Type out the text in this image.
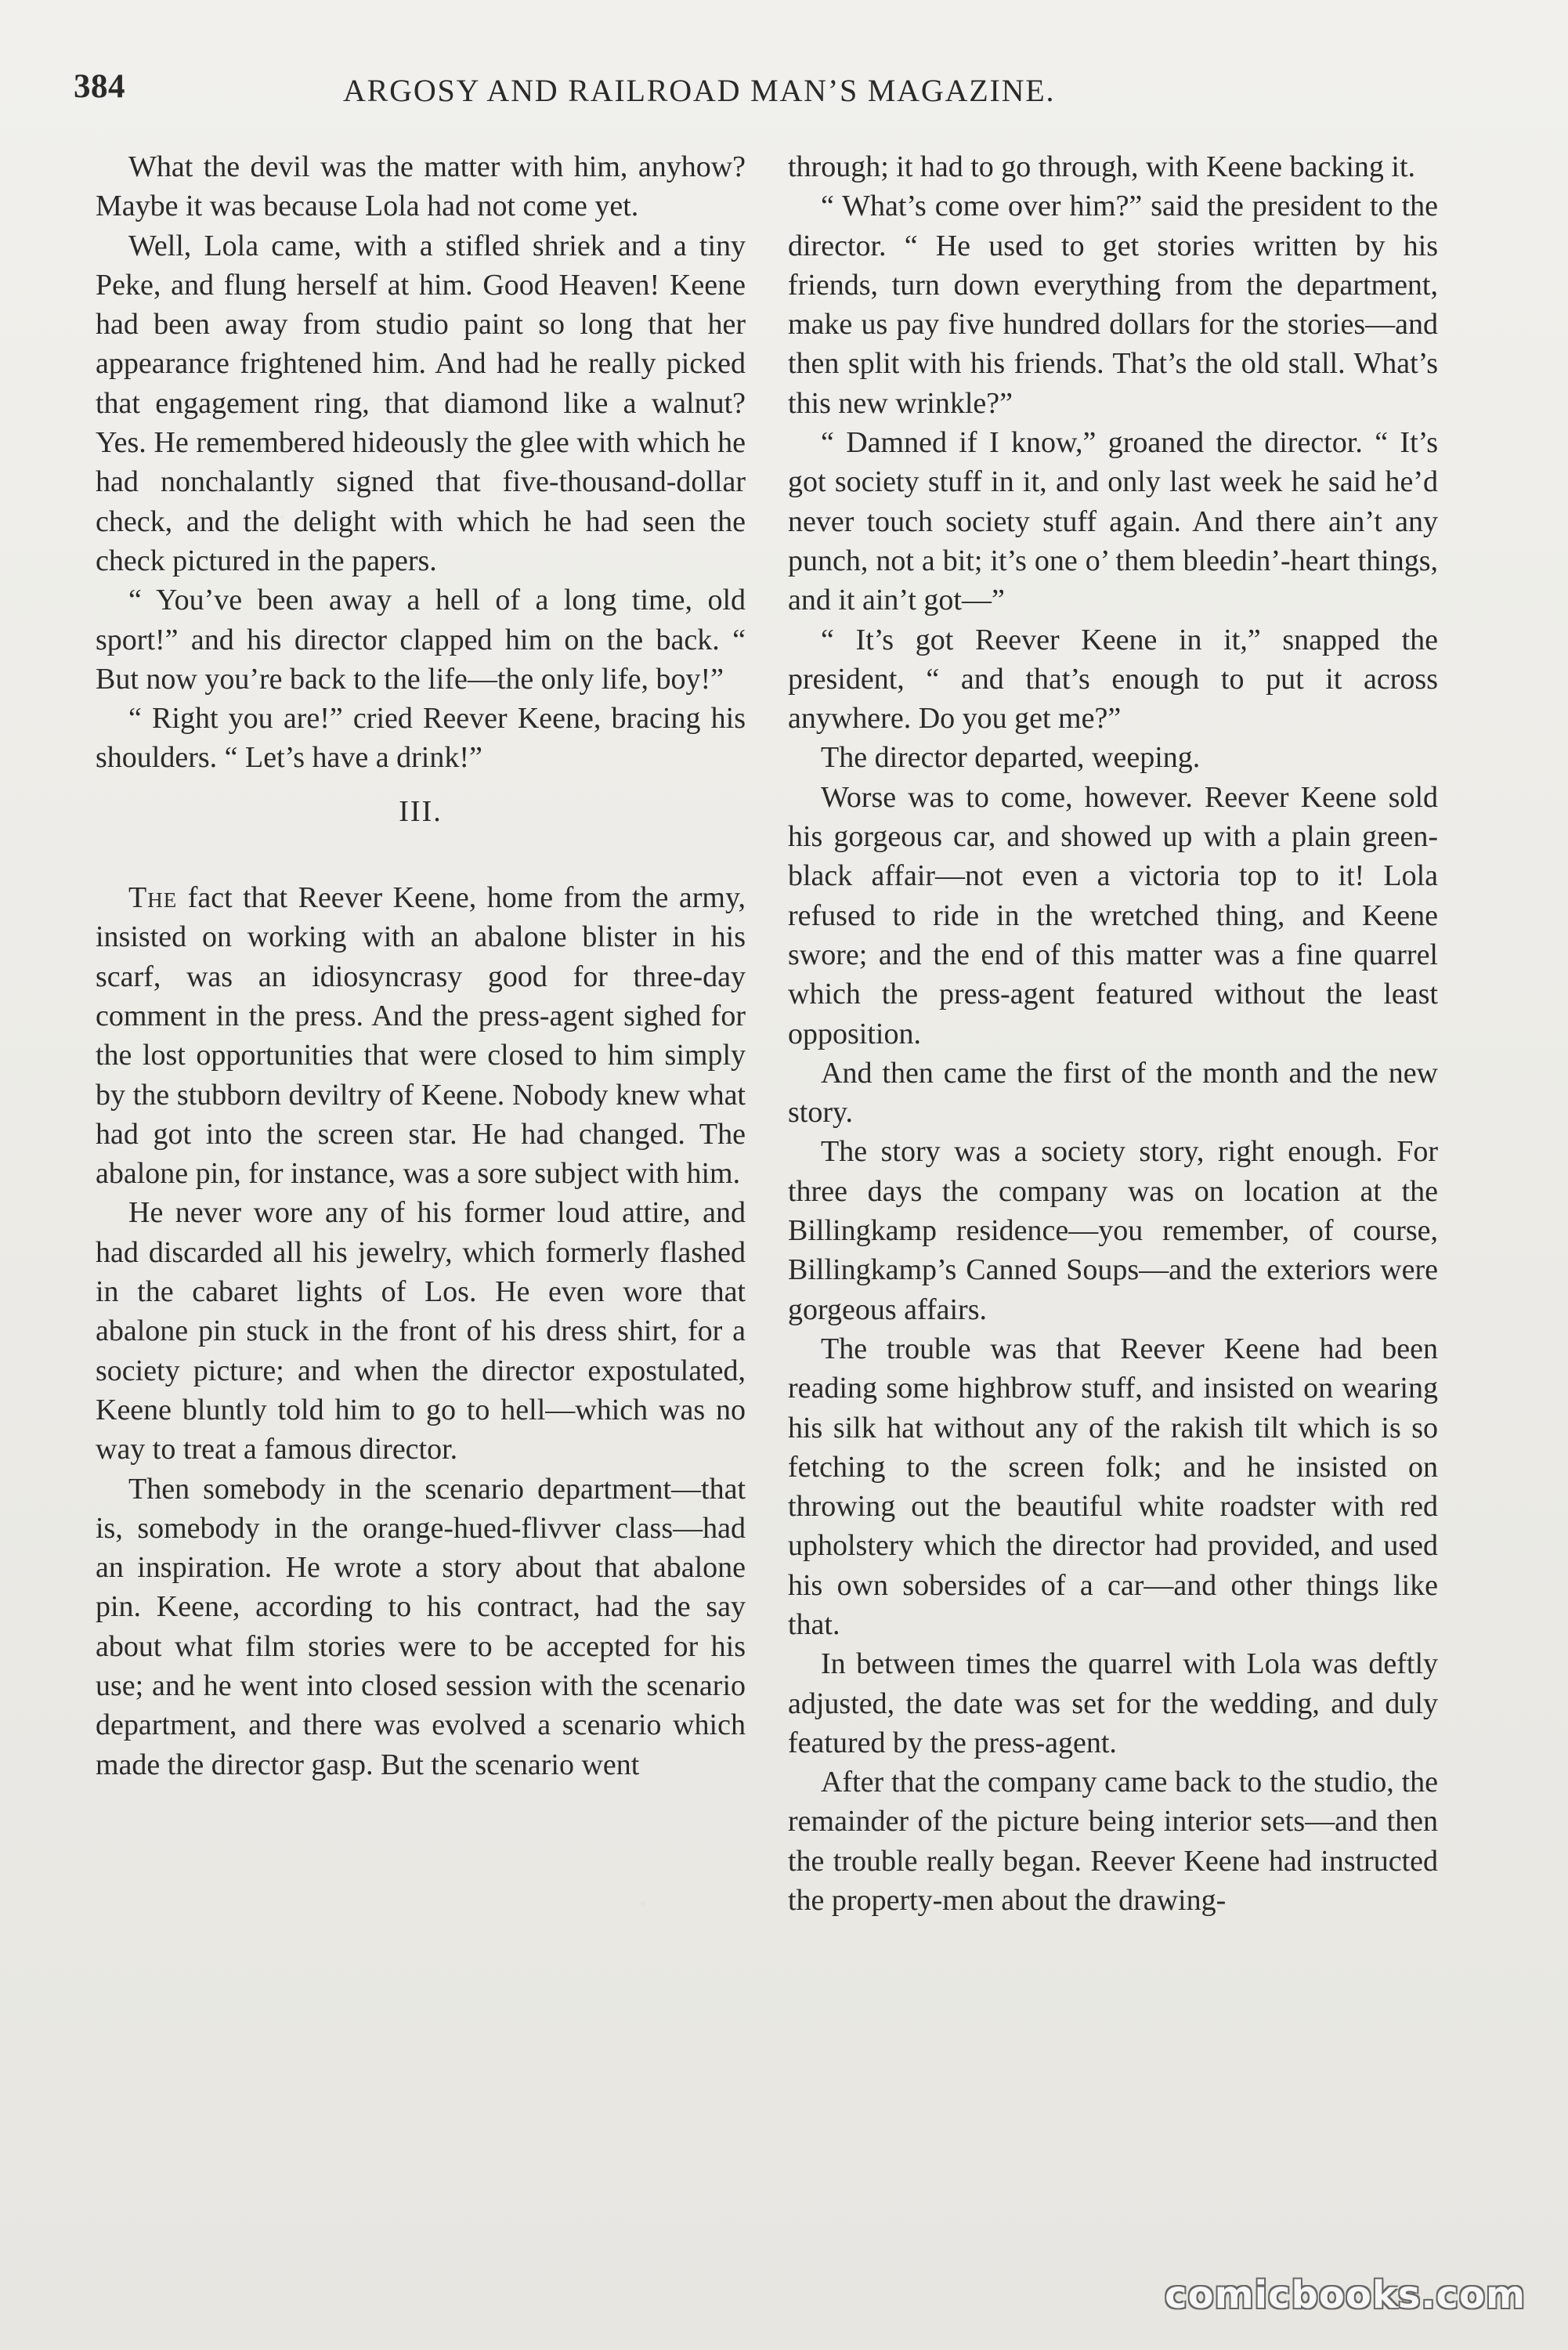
384	ARGOSY AND RAILROAD MAN’S MAGAZINE.

What the devil was the matter with him, anyhow? Maybe it was because Lola had not come yet.

Well, Lola came, with a stifled shriek and a tiny Peke, and flung herself at him. Good Heaven! Keene had been away from studio paint so long that her appearance frightened him. And had he really picked that engagement ring, that diamond like a walnut? Yes. He remembered hideously the glee with which he had nonchalantly signed that five-thousand-dollar check, and the delight with which he had seen the check pictured in the papers.

“ You’ve been away a hell of a long time, old sport!” and his director clapped him on the back. “ But now you’re back to the life—the only life, boy!”

“ Right you are!” cried Reever Keene, bracing his shoulders. “ Let’s have a drink!”

III.

The fact that Reever Keene, home from the army, insisted on working with an abalone blister in his scarf, was an idiosyncrasy good for three-day comment in the press. And the press-agent sighed for the lost opportunities that were closed to him simply by the stubborn deviltry of Keene. Nobody knew what had got into the screen star. He had changed. The abalone pin, for instance, was a sore subject with him.

He never wore any of his former loud attire, and had discarded all his jewelry, which formerly flashed in the cabaret lights of Los. He even wore that abalone pin stuck in the front of his dress shirt, for a society picture; and when the director expostulated, Keene bluntly told him to go to hell—which was no way to treat a famous director.

Then somebody in the scenario department—that is, somebody in the orange-hued-flivver class—had an inspiration. He wrote a story about that abalone pin. Keene, according to his contract, had the say about what film stories were to be accepted for his use; and he went into closed session with the scenario department, and there was evolved a scenario which made the director gasp. But the scenario went

through; it had to go through, with Keene backing it.

“ What’s come over him?” said the president to the director. “ He used to get stories written by his friends, turn down everything from the department, make us pay five hundred dollars for the stories—and then split with his friends. That’s the old stall. What’s this new wrinkle?”

“ Damned if I know,” groaned the director. “ It’s got society stuff in it, and only last week he said he’d never touch society stuff again. And there ain’t any punch, not a bit; it’s one o’ them bleedin’-heart things, and it ain’t got—”

“ It’s got Reever Keene in it,” snapped the president, “ and that’s enough to put it across anywhere. Do you get me?”

The director departed, weeping.

Worse was to come, however. Reever Keene sold his gorgeous car, and showed up with a plain green-black affair—not even a victoria top to it! Lola refused to ride in the wretched thing, and Keene swore; and the end of this matter was a fine quarrel which the press-agent featured without the least opposition.

And then came the first of the month and the new story.

The story was a society story, right enough. For three days the company was on location at the Billingkamp residence—you remember, of course, Billingkamp’s Canned Soups—and the exteriors were gorgeous affairs.

The trouble was that Reever Keene had been reading some highbrow stuff, and insisted on wearing his silk hat without any of the rakish tilt which is so fetching to the screen folk; and he insisted on throwing out the beautiful white roadster with red upholstery which the director had provided, and used his own sobersides of a car—and other things like that.

In between times the quarrel with Lola was deftly adjusted, the date was set for the wedding, and duly featured by the press-agent.

After that the company came back to the studio, the remainder of the picture being interior sets—and then the trouble really began. Reever Keene had instructed the property-men about the drawing-

comicbooks.com
